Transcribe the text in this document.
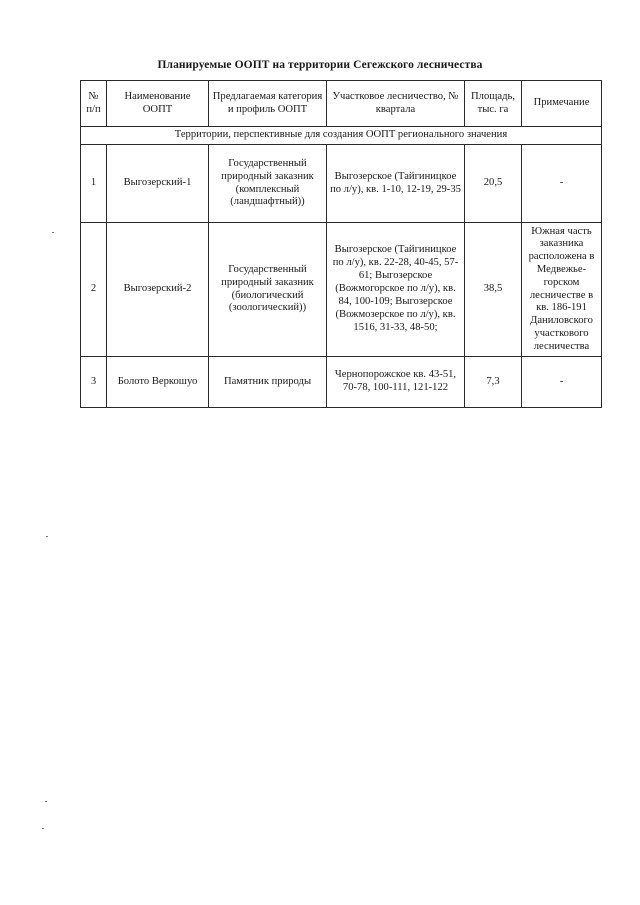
Планируемые ООПТ на территории Сегежского лесничества
№ п/п	Наименование ООПТ	Предлагаемая категория и профиль ООПТ	Участковое лесничество, № квартала	Площадь, тыс. га	Примечание
Территории, перспективные для создания ООПТ регионального значения					
1	Выгозерский-1	Государственный природный заказник (комплексный (ландшафтный))	Выгозерское (Тайгиницкое по л/у), кв. 1-10, 12-19, 29-35	20,5	-
2	Выгозерский-2	Государственный природный заказник (биологический (зоологический))	Выгозерское (Тайгиницкое по л/у), кв. 22-28, 40-45, 57-61; Выгозерское (Вожмогорское по л/у), кв. 84, 100-109; Выгозерское (Вожмозерское по л/у), кв. 1516, 31-33, 48-50;	38,5	Южная часть заказника расположена в Медвежье-горском лесничестве в кв. 186-191 Даниловского участкового лесничества
3	Болото Веркошуо	Памятник природы	Чернопорожское кв. 43-51, 70-78, 100-111, 121-122	7,3	-
